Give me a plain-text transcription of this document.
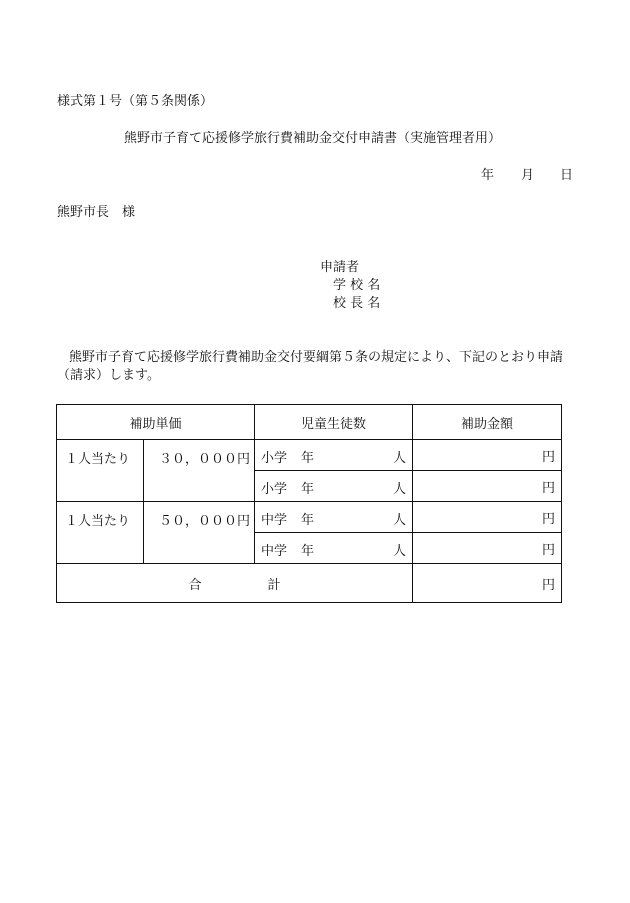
様式第１号（第５条関係）
熊野市子育て応援修学旅行費補助金交付申請書（実施管理者用）
年 月 日
熊野市長　様
申請者
学 校 名
校 長 名
熊野市子育て応援修学旅行費補助金交付要綱第５条の規定により、下記のとおり申請（請求）します。
補助単価		児童生徒数	補助金額
１人当たり	３０，０００円	小学 年 人	円

		小学 年 人	円
１人当たり	５０，０００円	中学 年 人	円

		中学 年 人	円
合 計			円
